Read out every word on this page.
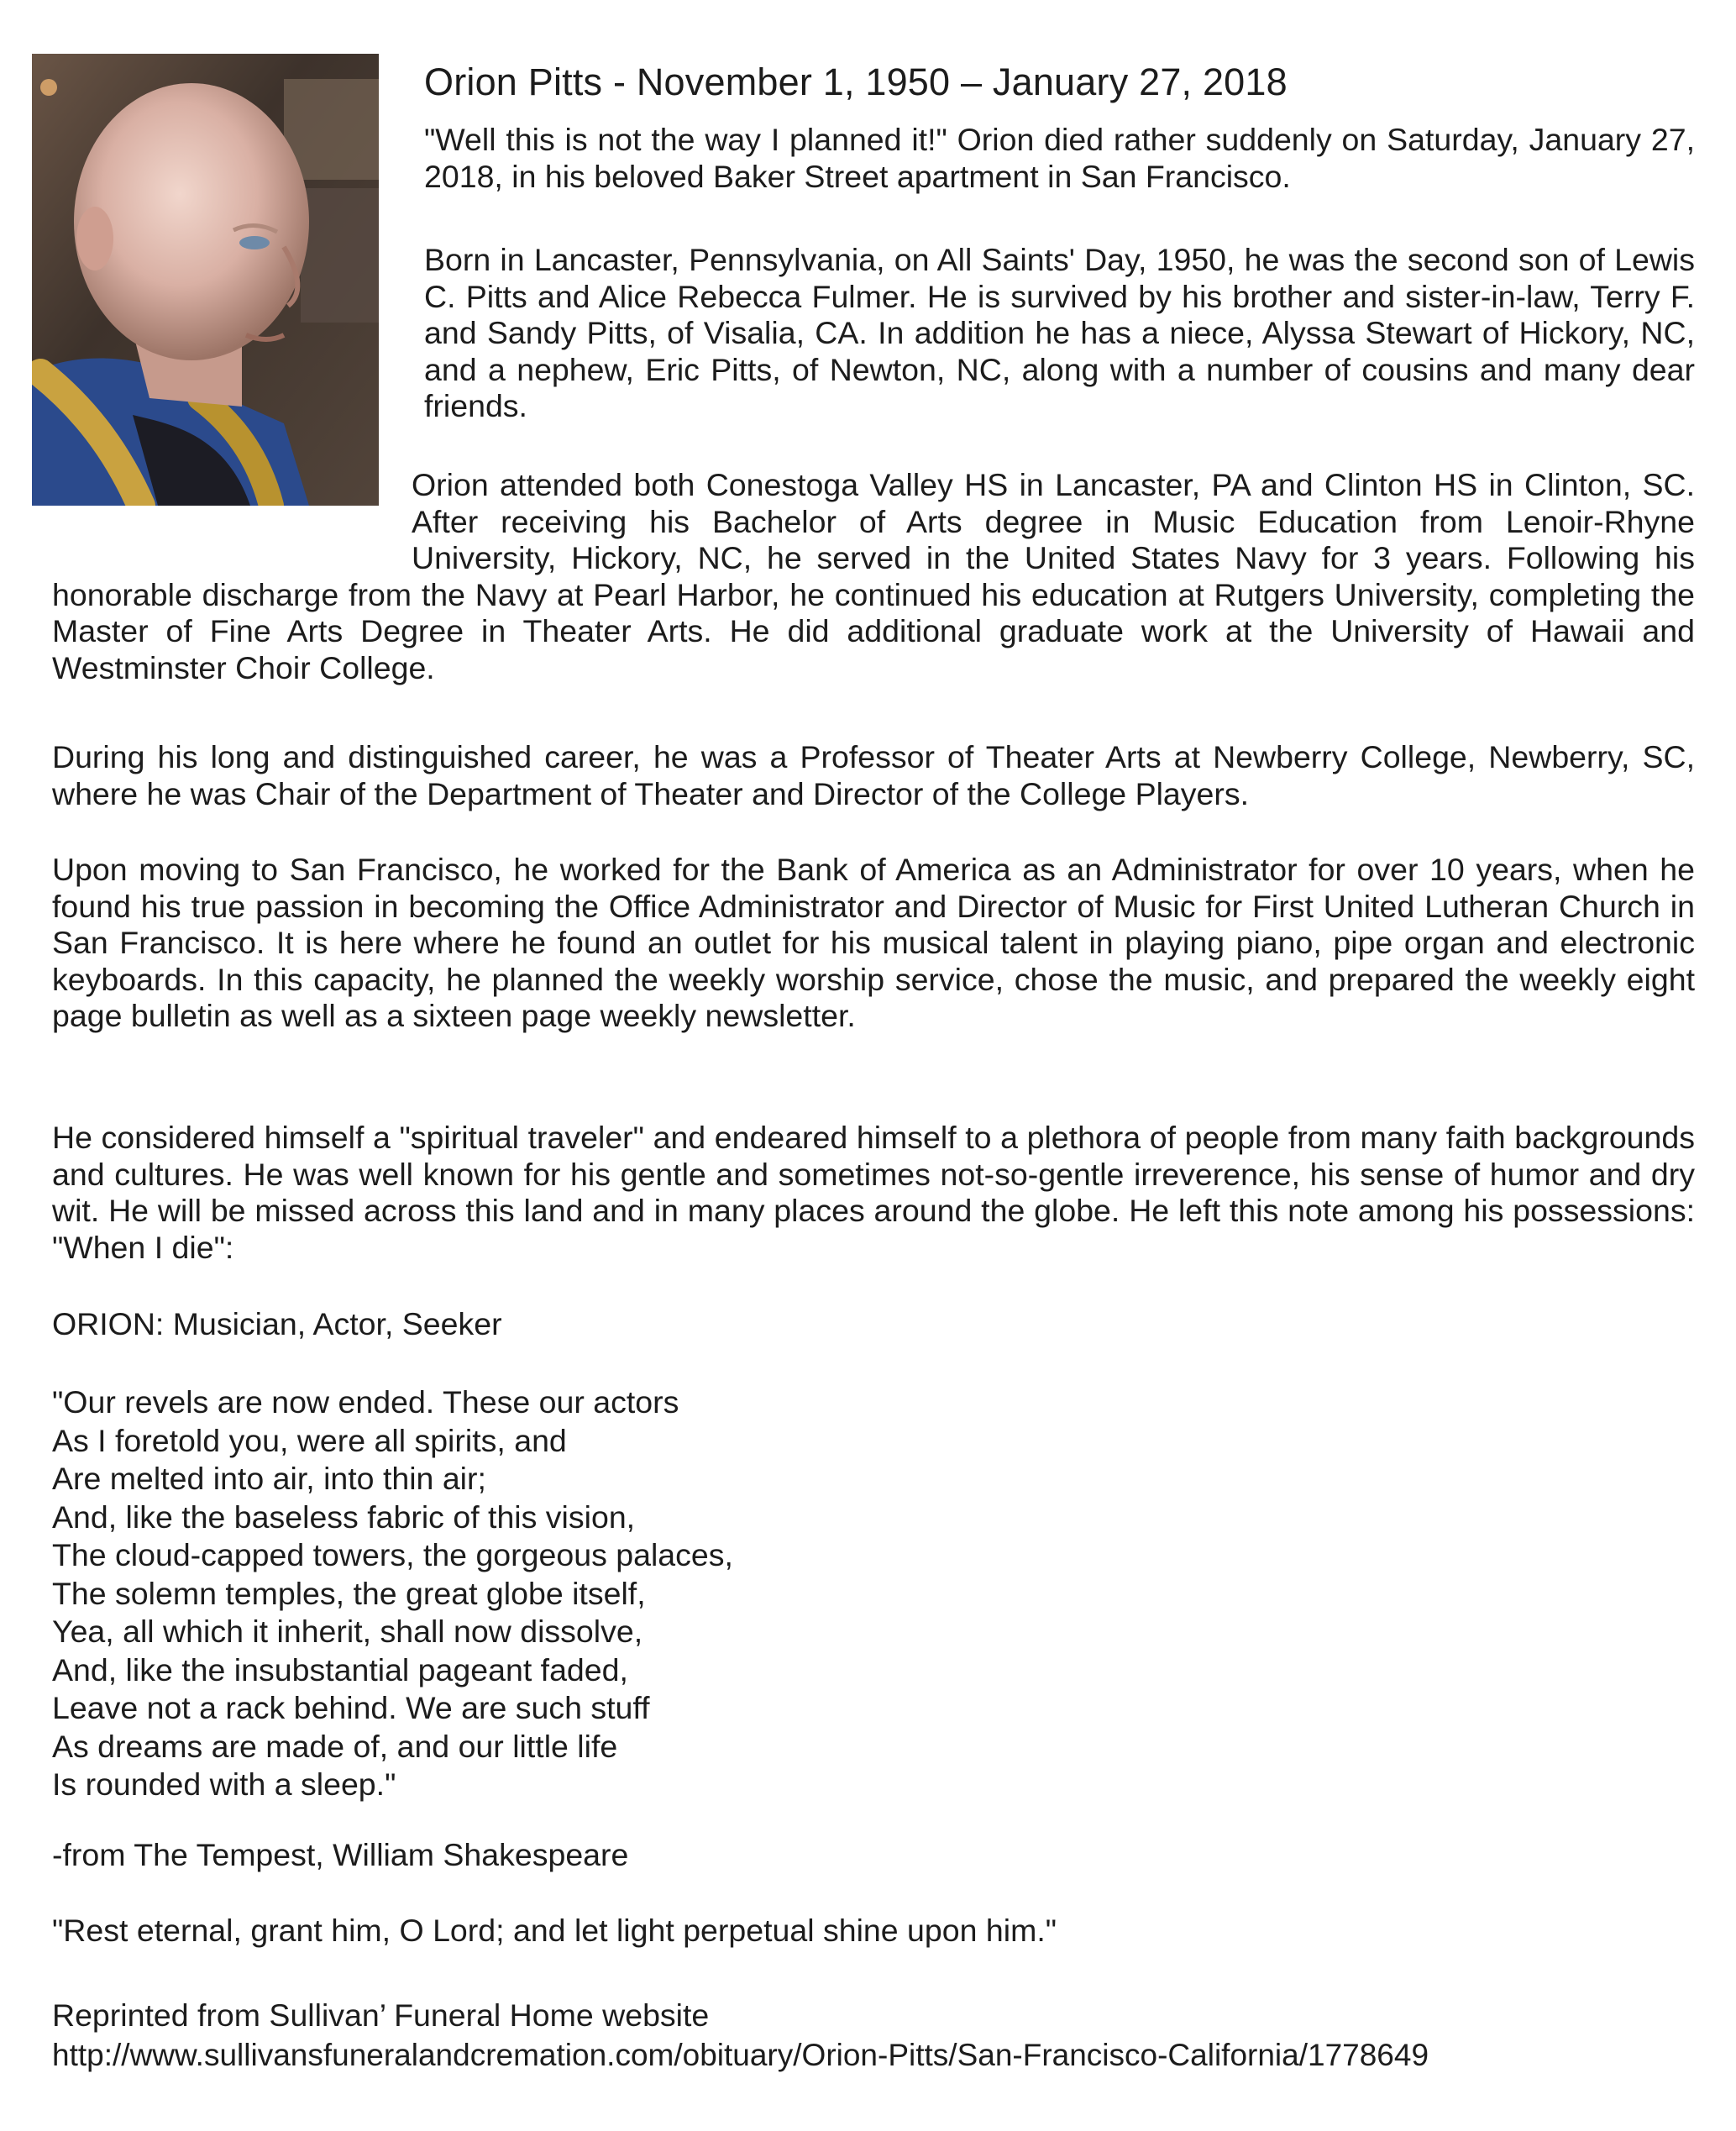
Orion Pitts - November 1, 1950 – January 27, 2018

"Well this is not the way I planned it!" Orion died rather suddenly on Saturday, January 27, 2018, in his beloved Baker Street apartment in San Francisco.

Born in Lancaster, Pennsylvania, on All Saints' Day, 1950, he was the second son of Lewis C. Pitts and Alice Rebecca Fulmer. He is survived by his brother and sister-in-law, Terry F. and Sandy Pitts, of Visalia, CA. In addition he has a niece, Alyssa Stewart of Hickory, NC, and a nephew, Eric Pitts, of Newton, NC, along with a number of cousins and many dear friends.

Orion attended both Conestoga Valley HS in Lancaster, PA and Clinton HS in Clinton, SC. After receiving his Bachelor of Arts degree in Music Education from Lenoir-Rhyne University, Hickory, NC, he served in the United States Navy for 3 years. Following his honorable discharge from the Navy at Pearl Harbor, he continued his education at Rutgers University, completing the Master of Fine Arts Degree in Theater Arts. He did additional graduate work at the University of Hawaii and Westminster Choir College.

During his long and distinguished career, he was a Professor of Theater Arts at Newberry College, Newberry, SC, where he was Chair of the Department of Theater and Director of the College Players.

Upon moving to San Francisco, he worked for the Bank of America as an Administrator for over 10 years, when he found his true passion in becoming the Office Administrator and Director of Music for First United Lutheran Church in San Francisco. It is here where he found an outlet for his musical talent in playing piano, pipe organ and electronic keyboards. In this capacity, he planned the weekly worship service, chose the music, and prepared the weekly eight page bulletin as well as a sixteen page weekly newsletter.

He considered himself a "spiritual traveler" and endeared himself to a plethora of people from many faith backgrounds and cultures. He was well known for his gentle and sometimes not-so-gentle irreverence, his sense of humor and dry wit. He will be missed across this land and in many places around the globe. He left this note among his possessions: "When I die":

ORION: Musician, Actor, Seeker
"Our revels are now ended. These our actors
As I foretold you, were all spirits, and
Are melted into air, into thin air;
And, like the baseless fabric of this vision,
The cloud-capped towers, the gorgeous palaces,
The solemn temples, the great globe itself,
Yea, all which it inherit, shall now dissolve,
And, like the insubstantial pageant faded,
Leave not a rack behind. We are such stuff
As dreams are made of, and our little life
Is rounded with a sleep."
-from The Tempest, William Shakespeare
"Rest eternal, grant him, O Lord; and let light perpetual shine upon him."
Reprinted from Sullivan’ Funeral Home website
http://www.sullivansfuneralandcremation.com/obituary/Orion-Pitts/San-Francisco-California/1778649
